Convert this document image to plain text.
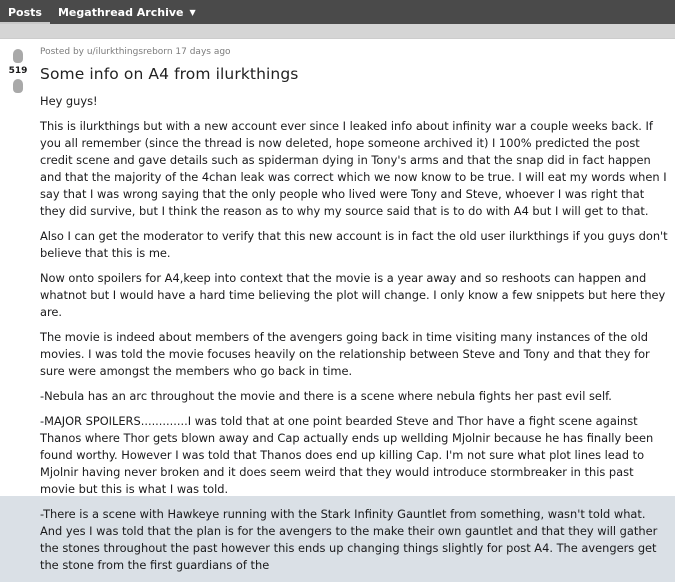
Posts Megathread Archive ▼
519

Posted by u/ilurkthingsreborn 17 days ago

Some info on A4 from ilurkthings

Hey guys!

This is ilurkthings but with a new account ever since I leaked info about infinity war a couple weeks back. If you all remember (since the thread is now deleted, hope someone archived it) I 100% predicted the post credit scene and gave details such as spiderman dying in Tony's arms and that the snap did in fact happen and that the majority of the 4chan leak was correct which we now know to be true. I will eat my words when I say that I was wrong saying that the only people who lived were Tony and Steve, whoever I was right that they did survive, but I think the reason as to why my source said that is to do with A4 but I will get to that.

Also I can get the moderator to verify that this new account is in fact the old user ilurkthings if you guys don't believe that this is me.

Now onto spoilers for A4,keep into context that the movie is a year away and so reshoots can happen and whatnot but I would have a hard time believing the plot will change. I only know a few snippets but here they are.

The movie is indeed about members of the avengers going back in time visiting many instances of the old movies. I was told the movie focuses heavily on the relationship between Steve and Tony and that they for sure were amongst the members who go back in time.

-Nebula has an arc throughout the movie and there is a scene where nebula fights her past evil self.

-MAJOR SPOILERS.............I was told that at one point bearded Steve and Thor have a fight scene against Thanos where Thor gets blown away and Cap actually ends up wellding Mjolnir because he has finally been found worthy. However I was told that Thanos does end up killing Cap. I'm not sure what plot lines lead to Mjolnir having never broken and it does seem weird that they would introduce stormbreaker in this past movie but this is what I was told.

-There is a scene with Hawkeye running with the Stark Infinity Gauntlet from something, wasn't told what. And yes I was told that the plan is for the avengers to the make their own gauntlet and that they will gather the stones throughout the past however this ends up changing things slightly for post A4. The avengers get the stone from the first guardians of the
